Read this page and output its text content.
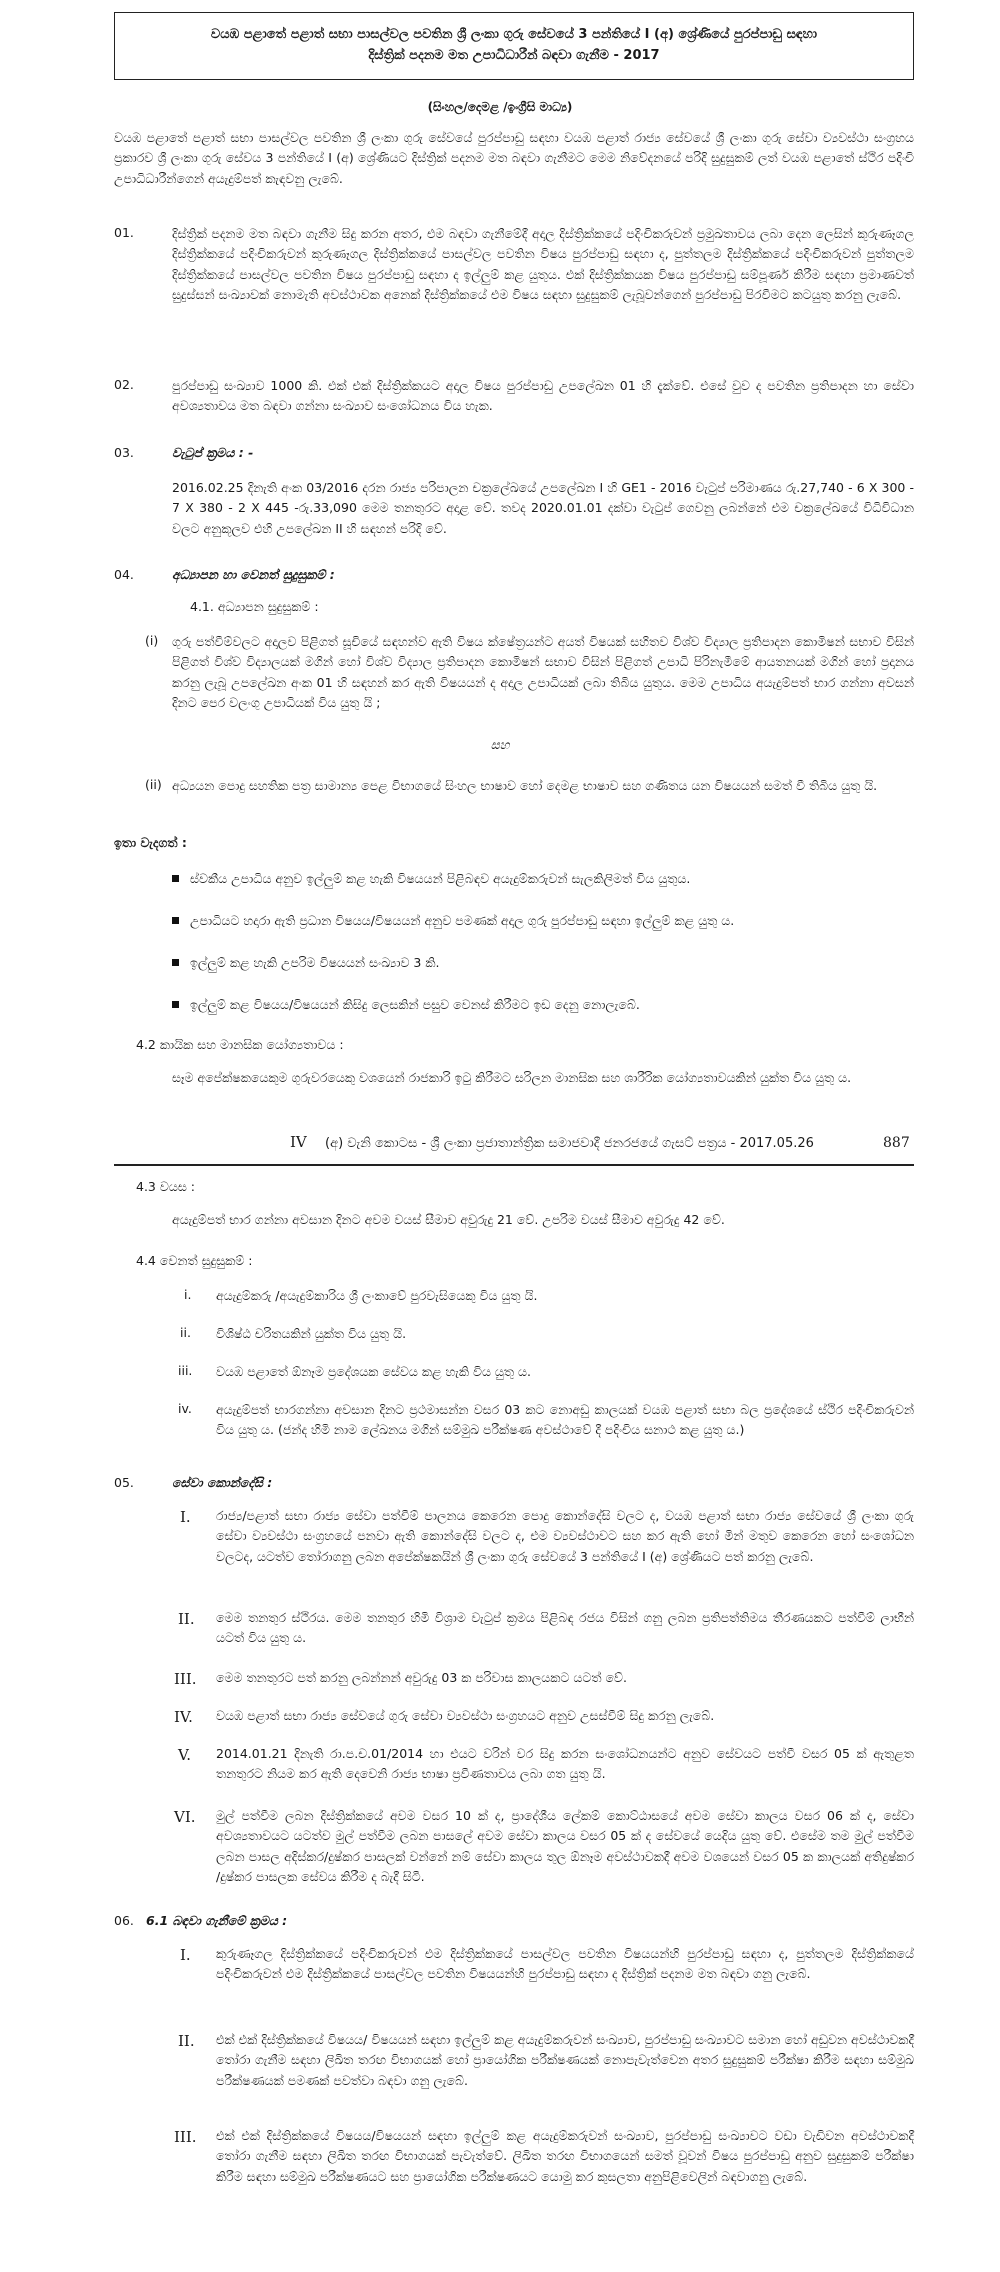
වයඹ පළාතේ පළාත් සභා පාසල්වල පවතින ශ්‍රී ලංකා ගුරු සේවයේ 3 පන්තියේ I (අ) ශ්‍රේණියේ පුරප්පාඩු සඳහා
දිස්ත්‍රික් පදනම මත උපාධිධාරීන් බඳවා ගැනීම - 2017
(සිංහල/දෙමළ /ඉංග්‍රීසි මාධ්‍ය)
වයඹ පළාතේ පළාත් සභා පාසල්වල පවතින ශ්‍රී ලංකා ගුරු සේවයේ පුරප්පාඩු සඳහා වයඹ පළාත් රාජ්‍ය සේවයේ ශ්‍රී ලංකා ගුරු සේවා ව්‍යවස්ථා සංග්‍රහය ප්‍රකාරව ශ්‍රී ලංකා ගුරු සේවය 3 පන්තියේ I (අ) ශ්‍රේණියට දිස්ත්‍රික් පදනම මත බඳවා ගැනීමට මෙම නිවේදනයේ පරිදි සුදුසුකම් ලත් වයඹ පළාතේ ස්ථිර පදිංචි උපාධිධාරීන්ගෙන් අයැදුම්පත් කැඳවනු ලැබේ.
01.	දිස්ත්‍රික් පදනම මත බඳවා ගැනීම සිදු කරන අතර, එම බඳවා ගැනීමේදී අදාල දිස්ත්‍රික්කයේ පදිංචිකරුවන් ප්‍රමුඛතාවය ලබා දෙන ලෙසින් කුරුණෑගල දිස්ත්‍රික්කයේ පදිංචිකරුවන් කුරුණෑගල දිස්ත්‍රික්කයේ පාසල්වල පවතින විෂය පුරප්පාඩු සඳහා ද, පුත්තලම දිස්ත්‍රික්කයේ පදිංචිකරුවන් පුත්තලම දිස්ත්‍රික්කයේ පාසල්වල පවතින විෂය පුරප්පාඩු සඳහා ද ඉල්ලුම් කළ යුතුය. එක් දිස්ත්‍රික්කයක විෂය පුරප්පාඩු සම්පූර්ණ කිරීම සඳහා ප්‍රමාණවත් සුදුස්සන් සංඛ්‍යාවක් නොමැති අවස්ථාවක අනෙක් දිස්ත්‍රික්කයේ එම විෂය සඳහා සුදුසුකම් ලැබූවන්ගෙන් පුරප්පාඩු පිරවීමට කටයුතු කරනු ලැබේ.
02.	පුරප්පාඩු සංඛ්‍යාව 1000 කි. එක් එක් දිස්ත්‍රික්කයට අදාල විෂය පුරප්පාඩු උපලේඛන 01 හි දැක්වේ. එසේ වුව ද පවතින ප්‍රතිපාදන හා සේවා අවශ්‍යතාවය මත බඳවා ගන්නා සංඛ්‍යාව සංශෝධනය විය හැක.
03.	වැටුප් ක්‍රමය : -
2016.02.25 දිනැති අංක 03/2016 දරන රාජ්‍ය පරිපාලන චක්‍රලේඛයේ උපලේඛන I හි GE1 - 2016 වැටුප් පරිමාණය රු.27,740 - 6 X 300 - 7 X 380 - 2 X 445 -රු.33,090 මෙම තනතුරට අදාළ වේ. තවද 2020.01.01 දක්වා වැටුප් ගෙවනු ලබන්නේ එම චක්‍රලේඛයේ විධිවිධාන වලට අනුකූලව එහි උපලේඛන II හි සඳහන් පරිදි වේ.
04.	අධ්‍යාපන හා වෙනත් සුදුසුකම් :
4.1. අධ්‍යාපන සුදුසුකම් :
(i) ගුරු පත්වීම්වලට අදාලව පිළිගත් සූචියේ සඳහන්ව ඇති විෂය ක්ෂේත්‍රයන්ට අයත් විෂයක් සහිතව විශ්ව විද්‍යාල ප්‍රතිපාදන කොමිෂන් සභාව විසින් පිළිගත් විශ්ව විද්‍යාලයක් මගින් හෝ විශ්ව විද්‍යාල ප්‍රතිපාදන කොමිෂන් සභාව විසින් පිළිගත් උපාධි පිරිනැමීමේ ආයතනයක් මගින් හෝ ප්‍රදානය කරනු ලැබූ උපලේඛන අංක 01 හි සඳහන් කර ඇති විෂයයන් ද අදාල උපාධියක් ලබා තිබිය යුතුය. මෙම උපාධිය අයැදුම්පත් භාර ගන්නා අවසන් දිනට පෙර වලංගු උපාධියක් විය යුතු යි ;
සහ
(ii) අධ්‍යයන පොදු සහතික පත්‍ර සාමාන්‍ය පෙළ විභාගයේ සිංහල භාෂාව හෝ දෙමළ භාෂාව සහ ගණිතය යන විෂයයන් සමත් වී තිබිය යුතු යි.
ඉතා වැදගත් :
ස්වකීය උපාධිය අනුව ඉල්ලුම් කළ හැකි විෂයයන් පිළිබඳව අයැදුම්කරුවන් සැලකිලිමත් විය යුතුය.
උපාධියට හදාරා ඇති ප්‍රධාන විෂයය/විෂයයන් අනුව පමණක් අදාල ගුරු පුරප්පාඩු සඳහා ඉල්ලුම් කළ යුතු ය.
ඉල්ලුම් කළ හැකි උපරිම විෂයයන් සංඛ්‍යාව 3 කි.
ඉල්ලුම් කළ විෂයය/විෂයයන් කිසිදු ලෙසකින් පසුව වෙනස් කිරීමට ඉඩ දෙනු නොලැබේ.
4.2 කායික සහ මානසික යෝග්‍යතාවය :
සෑම අපේක්ෂකයෙකුම ගුරුවරයෙකු වශයෙන් රාජකාරි ඉටු කිරීමට සරිලන මානසික සහ ශාරීරික යෝග්‍යතාවයකින් යුක්ත විය යුතු ය.
IV (අ) වැනි කොටස - ශ්‍රී ලංකා ප්‍රජාතාන්ත්‍රික සමාජවාදී ජනරජයේ ගැසට් පත්‍රය - 2017.05.26	887
4.3 වයස :
අයැදුම්පත් භාර ගන්නා අවසාන දිනට අවම වයස් සීමාව අවුරුදු 21 වේ. උපරිම වයස් සීමාව අවුරුදු 42 වේ.
4.4 වෙනත් සුදුසුකම් :
i. අයැදුම්කරු /අයැදුම්කාරිය ශ්‍රී ලංකාවේ පුරවැසියෙකු විය යුතු යි.
ii. විශිෂ්ඨ චරිතයකින් යුක්ත විය යුතු යි.
iii. වයඹ පළාතේ ඕනෑම ප්‍රදේශයක සේවය කළ හැකි විය යුතු ය.
iv. අයැදුම්පත් භාරගන්නා අවසාන දිනට ප්‍රථමාසන්න වසර 03 කට නොඅඩු කාලයක් වයඹ පළාත් සභා බල ප්‍රදේශයේ ස්ථිර පදිංචිකරුවන් විය යුතු ය. (ජන්ද හිමි නාම ලේඛනය මගින් සම්මුඛ පරීක්ෂණ අවස්ථාවේ දී පදිංචිය සනාථ කළ යුතු ය.)
05.	සේවා කොන්දේසි :
I. රාජ්‍ය/පළාත් සභා රාජ්‍ය සේවා පත්වීම් පාලනය කෙරෙන පොදු කොන්දේසි වලට ද, වයඹ පළාත් සභා රාජ්‍ය සේවයේ ශ්‍රී ලංකා ගුරු සේවා ව්‍යවස්ථා සංග්‍රහයේ පනවා ඇති කොන්දේසි වලට ද, එම ව්‍යවස්ථාවට සහ කර ඇති හෝ මින් මතුව කෙරෙන හෝ සංශෝධන වලටද, යටත්ව තෝරාගනු ලබන අපේක්ෂකයින් ශ්‍රී ලංකා ගුරු සේවයේ 3 පන්තියේ I (අ) ශ්‍රේණියට පත් කරනු ලැබේ.
II. මෙම තනතුර ස්ථිරය. මෙම තනතුර හිමි විශ්‍රාම වැටුප් ක්‍රමය පිළිබඳ රජය විසින් ගනු ලබන ප්‍රතිපත්තිමය තීරණයකට පත්වීම් ලාභීන් යටත් විය යුතු ය.
III. මෙම තනතුරට පත් කරනු ලබන්නන් අවුරුදු 03 ක පරිවාස කාලයකට යටත් වේ.
IV. වයඹ පළාත් සභා රාජ්‍ය සේවයේ ගුරු සේවා ව්‍යවස්ථා සංග්‍රහයට අනුව උසස්වීම් සිදු කරනු ලැබේ.
V. 2014.01.21 දිනැති රා.ප.ච.01/2014 හා එයට වරින් වර සිදු කරන සංශෝධනයන්ට අනුව සේවයට පත්වී වසර 05 ක් ඇතුළත තනතුරට නියම කර ඇති දෙවෙනි රාජ්‍ය භාෂා ප්‍රවීණතාවය ලබා ගත යුතු යි.
VI. මුල් පත්වීම ලබන දිස්ත්‍රික්කයේ අවම වසර 10 ක් ද, ප්‍රාදේශීය ලේකම් කොට්ඨාසයේ අවම සේවා කාලය වසර 06 ක් ද, සේවා අවශ්‍යතාවයට යටත්ව මුල් පත්වීම ලබන පාසලේ අවම සේවා කාලය වසර 05 ක් ද සේවයේ යෙදිය යුතු වේ. එසේම තම මුල් පත්වීම ලබන පාසල අදිස්කර/දුෂ්කර පාසලක් වන්නේ නම් සේවා කාලය තුල ඕනෑම අවස්ථාවකදී අවම වශයෙන් වසර 05 ක කාලයක් අතිදුෂ්කර /දුෂ්කර පාසලක සේවය කිරීම ද බැදී සිටී.
06. 6.1 බඳවා ගැනීමේ ක්‍රමය :
I. කුරුණෑගල දිස්ත්‍රික්කයේ පදිංචිකරුවන් එම දිස්ත්‍රික්කයේ පාසල්වල පවතින විෂයයන්හි පුරප්පාඩු සඳහා ද, පුත්තලම දිස්ත්‍රික්කයේ පදිංචිකරුවන් එම දිස්ත්‍රික්කයේ පාසල්වල පවතින විෂයයන්හි පුරප්පාඩු සඳහා ද දිස්ත්‍රික් පදනම මත බඳවා ගනු ලැබේ.
II. එක් එක් දිස්ත්‍රික්කයේ විෂයය/ විෂයයන් සඳහා ඉල්ලුම් කළ අයැදුම්කරුවන් සංඛ්‍යාව, පුරප්පාඩු සංඛ්‍යාවට සමාන හෝ අඩුවන අවස්ථාවකදී තෝරා ගැනීම සඳහා ලිඛිත තරඟ විභාගයක් හෝ ප්‍රායෝගික පරීක්ෂණයක් නොපැවැත්වෙන අතර සුදුසුකම් පරීක්ෂා කිරීම සඳහා සම්මුඛ පරීක්ෂණයක් පමණක් පවත්වා බඳවා ගනු ලැබේ.
III. එක් එක් දිස්ත්‍රික්කයේ විෂයය/විෂයයන් සඳහා ඉල්ලුම් කළ අයැදුම්කරුවන් සංඛ්‍යාව, පුරප්පාඩු සංඛ්‍යාවට වඩා වැඩිවන අවස්ථාවකදී තෝරා ගැනීම සඳහා ලිඛිත තරඟ විභාගයක් පැවැත්වේ. ලිඛිත තරඟ විභාගයෙන් සමත් වූවන් විෂය පුරප්පාඩු අනුව සුදුසුකම් පරීක්ෂා කිරීම සඳහා සම්මුඛ පරීක්ෂණයට සහ ප්‍රායෝගික පරීක්ෂණයට යොමු කර කුසලතා අනුපිළිවෙලින් බඳවාගනු ලැබේ.
